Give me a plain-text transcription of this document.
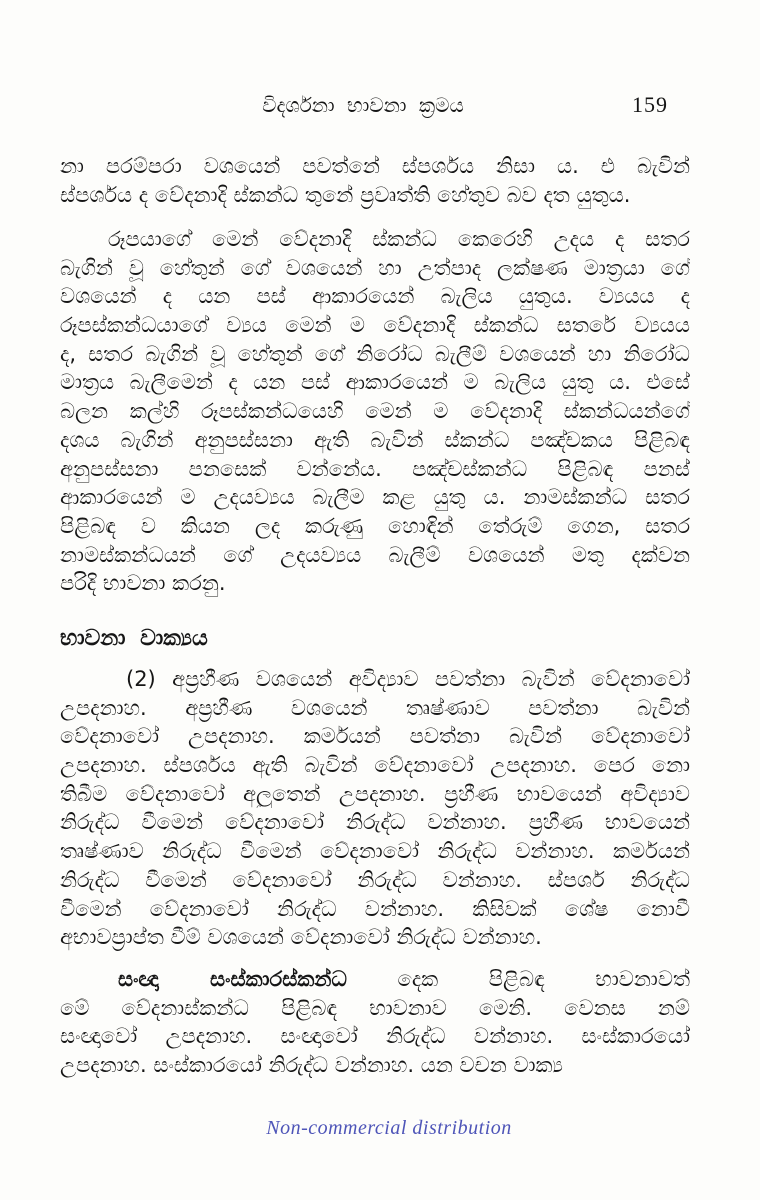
විදර්ශනා භාවනා ක්‍රමය	159
නා පරම්පරා වශයෙන් පවත්නේ ස්පර්ශය නිසා ය. එ බැවින්
ස්පර්ශය ද වේදනාදි ස්කන්ධ තුනේ ප්‍රවෘත්ති හේතුව බව දත යුතුය.
රූපයාගේ මෙන් වේදනාදි ස්කන්ධ කෙරෙහි උදය ද සතර
බැගින් වූ හේතුන් ගේ වශයෙන් හා උත්පාද ලක්ෂණ මාත්‍රයා ගේ
වශයෙන් ද යන පස් ආකාරයෙන් බැලිය යුතුය. ව්‍යයය ද
රූපස්කන්ධයාගේ ව්‍යය මෙන් ම වේදනාදි ස්කන්ධ සතරේ ව්‍යයය
ද, සතර බැගින් වූ හේතුන් ගේ නිරෝධ බැලීම් වශයෙන් හා නිරෝධ
මාත්‍රය බැලීමෙන් ද යන පස් ආකාරයෙන් ම බැලිය යුතු ය. එසේ
බලන කල්හි රූපස්කන්ධයෙහි මෙන් ම වේදනාදි ස්කන්ධයන්ගේ
දශය බැගින් අනුපස්සනා ඇති බැවින් ස්කන්ධ පඤ්චකය පිළිබඳ
අනුපස්සනා පනසෙක් වන්නේය. පඤ්චස්කන්ධ පිළිබඳ පනස්
ආකාරයෙන් ම උදයව්‍යය බැලීම කළ යුතු ය. නාමස්කන්ධ සතර
පිළිබඳ ව කියන ලද කරුණු හොඳින් තේරුම් ගෙන, සතර
නාමස්කන්ධයන් ගේ උදයව්‍යය බැලීම් වශයෙන් මතු දක්වන
පරිදි භාවනා කරනු.
භාවනා වාක්‍යය
(2) අප්‍රහීණ වශයෙන් අවිද්‍යාව පවත්නා බැවින් වේදනාවෝ
උපදනාහ. අප්‍රහීණ වශයෙන් තෘෂ්ණාව පවත්නා බැවින්
වේදනාවෝ උපදනාහ. කර්මයන් පවත්නා බැවින් වේදනාවෝ
උපදනාහ. ස්පර්ශය ඇති බැවින් වේදනාවෝ උපදනාහ. පෙර නො
තිබීම වේදනාවෝ අලුතෙන් උපදනාහ. ප්‍රහීණ භාවයෙන් අවිද්‍යාව
නිරුද්ධ වීමෙන් වේදනාවෝ නිරුද්ධ වන්නාහ. ප්‍රහීණ භාවයෙන්
තෘෂ්ණාව නිරුද්ධ වීමෙන් වේදනාවෝ නිරුද්ධ වන්නාහ. කර්මයන්
නිරුද්ධ වීමෙන් වේදනාවෝ නිරුද්ධ වන්නාහ. ස්පර්ශ නිරුද්ධ
වීමෙන් වේදනාවෝ නිරුද්ධ වන්නාහ. කිසිවක් ශේෂ නොවී
අභාවප්‍රාප්ත වීම් වශයෙන් වේදනාවෝ නිරුද්ධ වන්නාහ.
සංඥා සංස්කාරස්කන්ධ දෙක පිළිබඳ භාවනාවත්
මේ වේදනාස්කන්ධ පිළිබඳ භාවනාව මෙනි. වෙනස නම්
සංඥාවෝ උපදනාහ. සංඥාවෝ නිරුද්ධ වන්නාහ. සංස්කාරයෝ
උපදනාහ. සංස්කාරයෝ නිරුද්ධ වන්නාහ. යන වචන වාක්‍ය
Non-commercial distribution
